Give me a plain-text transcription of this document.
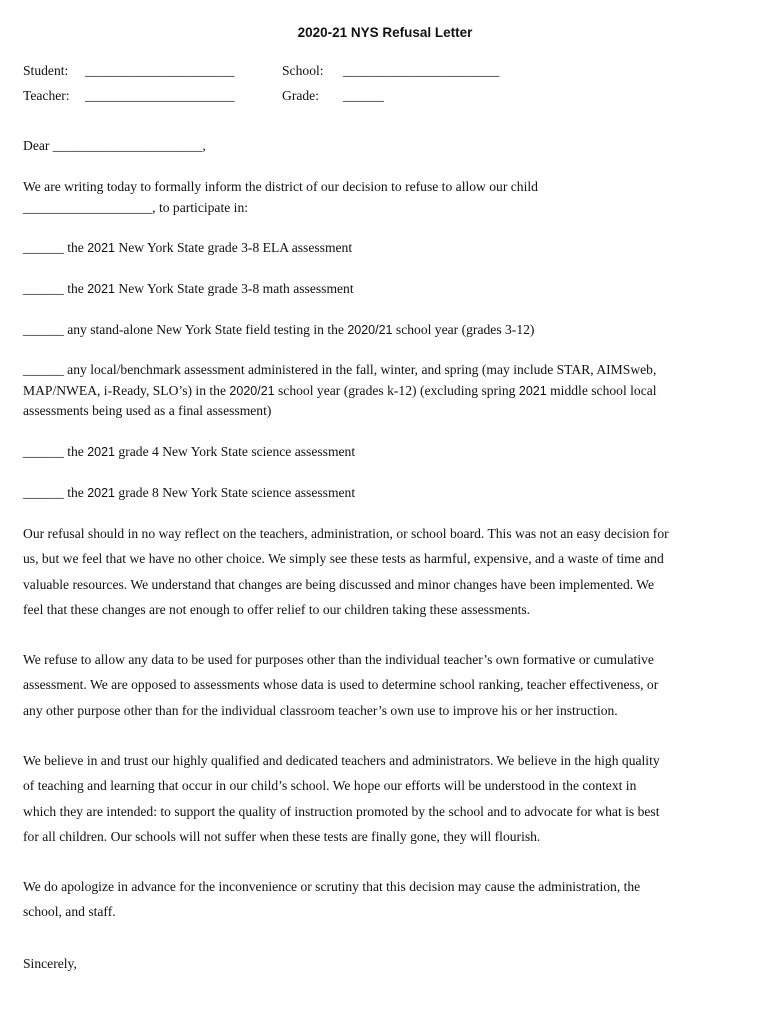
2020-21 NYS Refusal Letter
Student: ______________________	School: _______________________
Teacher: ______________________	Grade: ______
Dear ______________________,
We are writing today to formally inform the district of our decision to refuse to allow our child
___________________, to participate in:
______ the 2021 New York State grade 3-8 ELA assessment
______ the 2021 New York State grade 3-8 math assessment
______ any stand-alone New York State field testing in the 2020/21 school year (grades 3-12)
______ any local/benchmark assessment administered in the fall, winter, and spring (may include STAR, AIMSweb,
MAP/NWEA, i-Ready, SLO’s) in the 2020/21 school year (grades k-12) (excluding spring 2021 middle school local
assessments being used as a final assessment)
______ the 2021 grade 4 New York State science assessment
______ the 2021 grade 8 New York State science assessment
Our refusal should in no way reflect on the teachers, administration, or school board. This was not an easy decision for
us, but we feel that we have no other choice. We simply see these tests as harmful, expensive, and a waste of time and
valuable resources. We understand that changes are being discussed and minor changes have been implemented. We
feel that these changes are not enough to offer relief to our children taking these assessments.
We refuse to allow any data to be used for purposes other than the individual teacher’s own formative or cumulative
assessment. We are opposed to assessments whose data is used to determine school ranking, teacher effectiveness, or
any other purpose other than for the individual classroom teacher’s own use to improve his or her instruction.
We believe in and trust our highly qualified and dedicated teachers and administrators. We believe in the high quality
of teaching and learning that occur in our child’s school. We hope our efforts will be understood in the context in
which they are intended: to support the quality of instruction promoted by the school and to advocate for what is best
for all children. Our schools will not suffer when these tests are finally gone, they will flourish.
We do apologize in advance for the inconvenience or scrutiny that this decision may cause the administration, the
school, and staff.
Sincerely,
